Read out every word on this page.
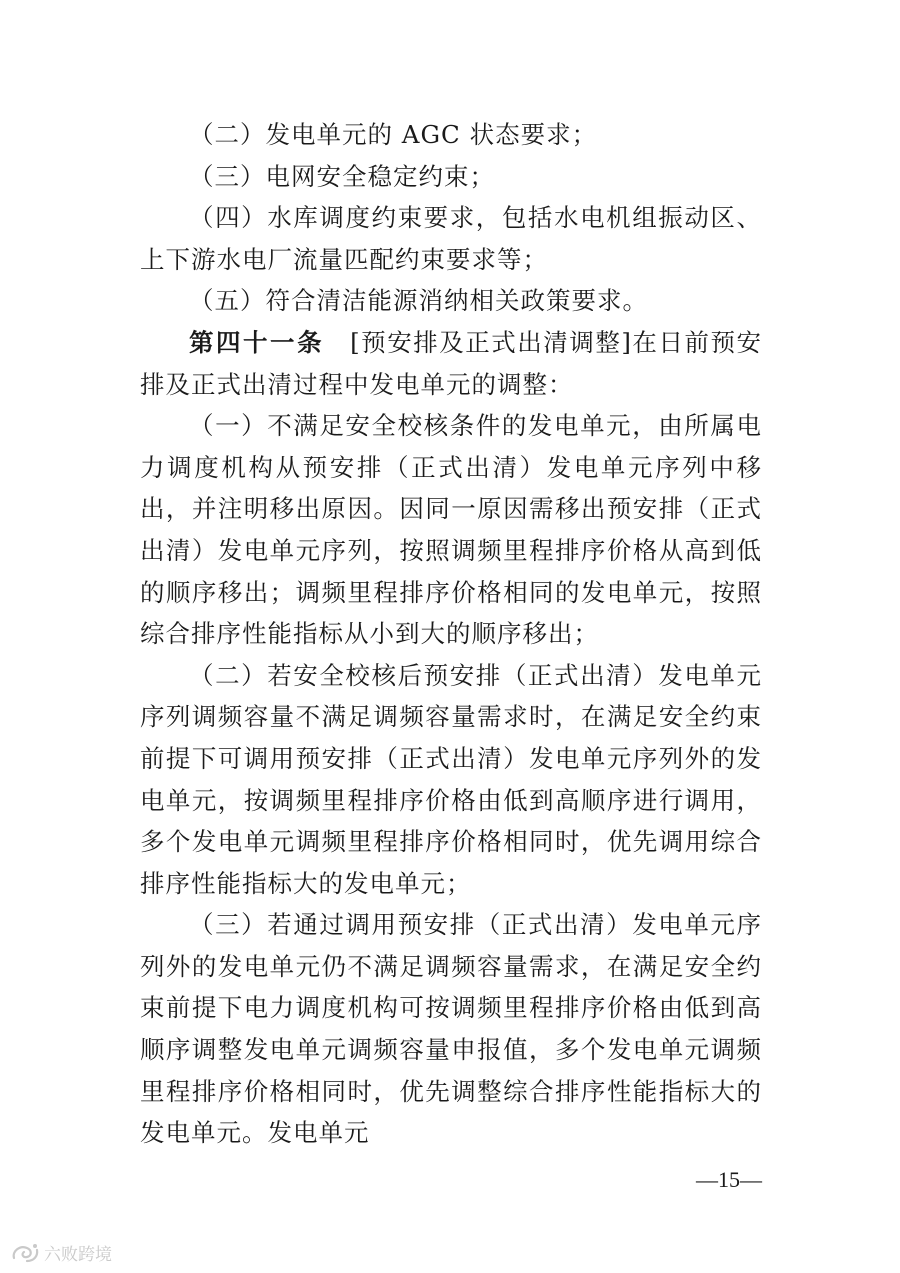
（二）发电单元的 AGC 状态要求；

（三）电网安全稳定约束；

（四）水库调度约束要求，包括水电机组振动区、上下游水电厂流量匹配约束要求等；

（五）符合清洁能源消纳相关政策要求。

第四十一条　[预安排及正式出清调整]在日前预安排及正式出清过程中发电单元的调整：

（一）不满足安全校核条件的发电单元，由所属电力调度机构从预安排（正式出清）发电单元序列中移出，并注明移出原因。因同一原因需移出预安排（正式出清）发电单元序列，按照调频里程排序价格从高到低的顺序移出；调频里程排序价格相同的发电单元，按照综合排序性能指标从小到大的顺序移出；

（二）若安全校核后预安排（正式出清）发电单元序列调频容量不满足调频容量需求时，在满足安全约束前提下可调用预安排（正式出清）发电单元序列外的发电单元，按调频里程排序价格由低到高顺序进行调用，多个发电单元调频里程排序价格相同时，优先调用综合排序性能指标大的发电单元；

（三）若通过调用预安排（正式出清）发电单元序列外的发电单元仍不满足调频容量需求，在满足安全约束前提下电力调度机构可按调频里程排序价格由低到高顺序调整发电单元调频容量申报值，多个发电单元调频里程排序价格相同时，优先调整综合排序性能指标大的发电单元。发电单元

—15—
六败跨境
